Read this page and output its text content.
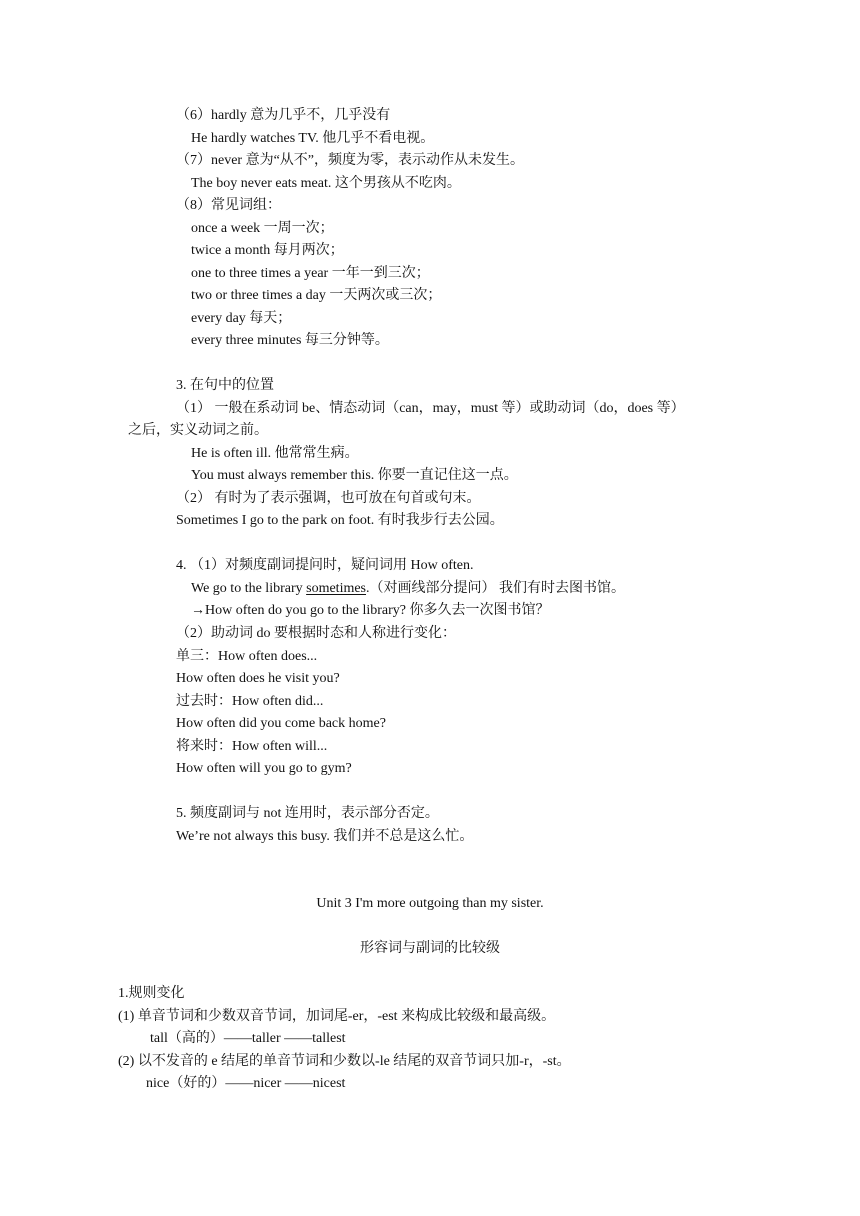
（6）hardly 意为几乎不，几乎没有
He hardly watches TV. 他几乎不看电视。
（7）never 意为“从不”，频度为零，表示动作从未发生。
The boy never eats meat. 这个男孩从不吃肉。
（8）常见词组：
once a week 一周一次；
twice a month 每月两次；
one to three times a year 一年一到三次；
two or three times a day 一天两次或三次；
every day 每天；
every three minutes 每三分钟等。
3. 在句中的位置
（1） 一般在系动词 be、情态动词（can，may，must 等）或助动词（do，does 等）
之后，实义动词之前。
He is often ill. 他常常生病。
You must always remember this. 你要一直记住这一点。
（2） 有时为了表示强调，也可放在句首或句末。
Sometimes I go to the park on foot. 有时我步行去公园。
4. （1）对频度副词提问时，疑问词用 How often.
We go to the library sometimes.（对画线部分提问） 我们有时去图书馆。
→How often do you go to the library? 你多久去一次图书馆？
（2）助动词 do 要根据时态和人称进行变化：
单三：How often does...
How often does he visit you?
过去时：How often did...
How often did you come back home?
将来时：How often will...
How often will you go to gym?
5. 频度副词与 not 连用时，表示部分否定。
We’re not always this busy. 我们并不总是这么忙。
Unit 3 I'm more outgoing than my sister.
形容词与副词的比较级
1.规则变化
(1) 单音节词和少数双音节词，加词尾-er，-est 来构成比较级和最高级。
tall（高的）——taller ——tallest
(2) 以不发音的 e 结尾的单音节词和少数以-le 结尾的双音节词只加-r，-st。
nice（好的）——nicer ——nicest
